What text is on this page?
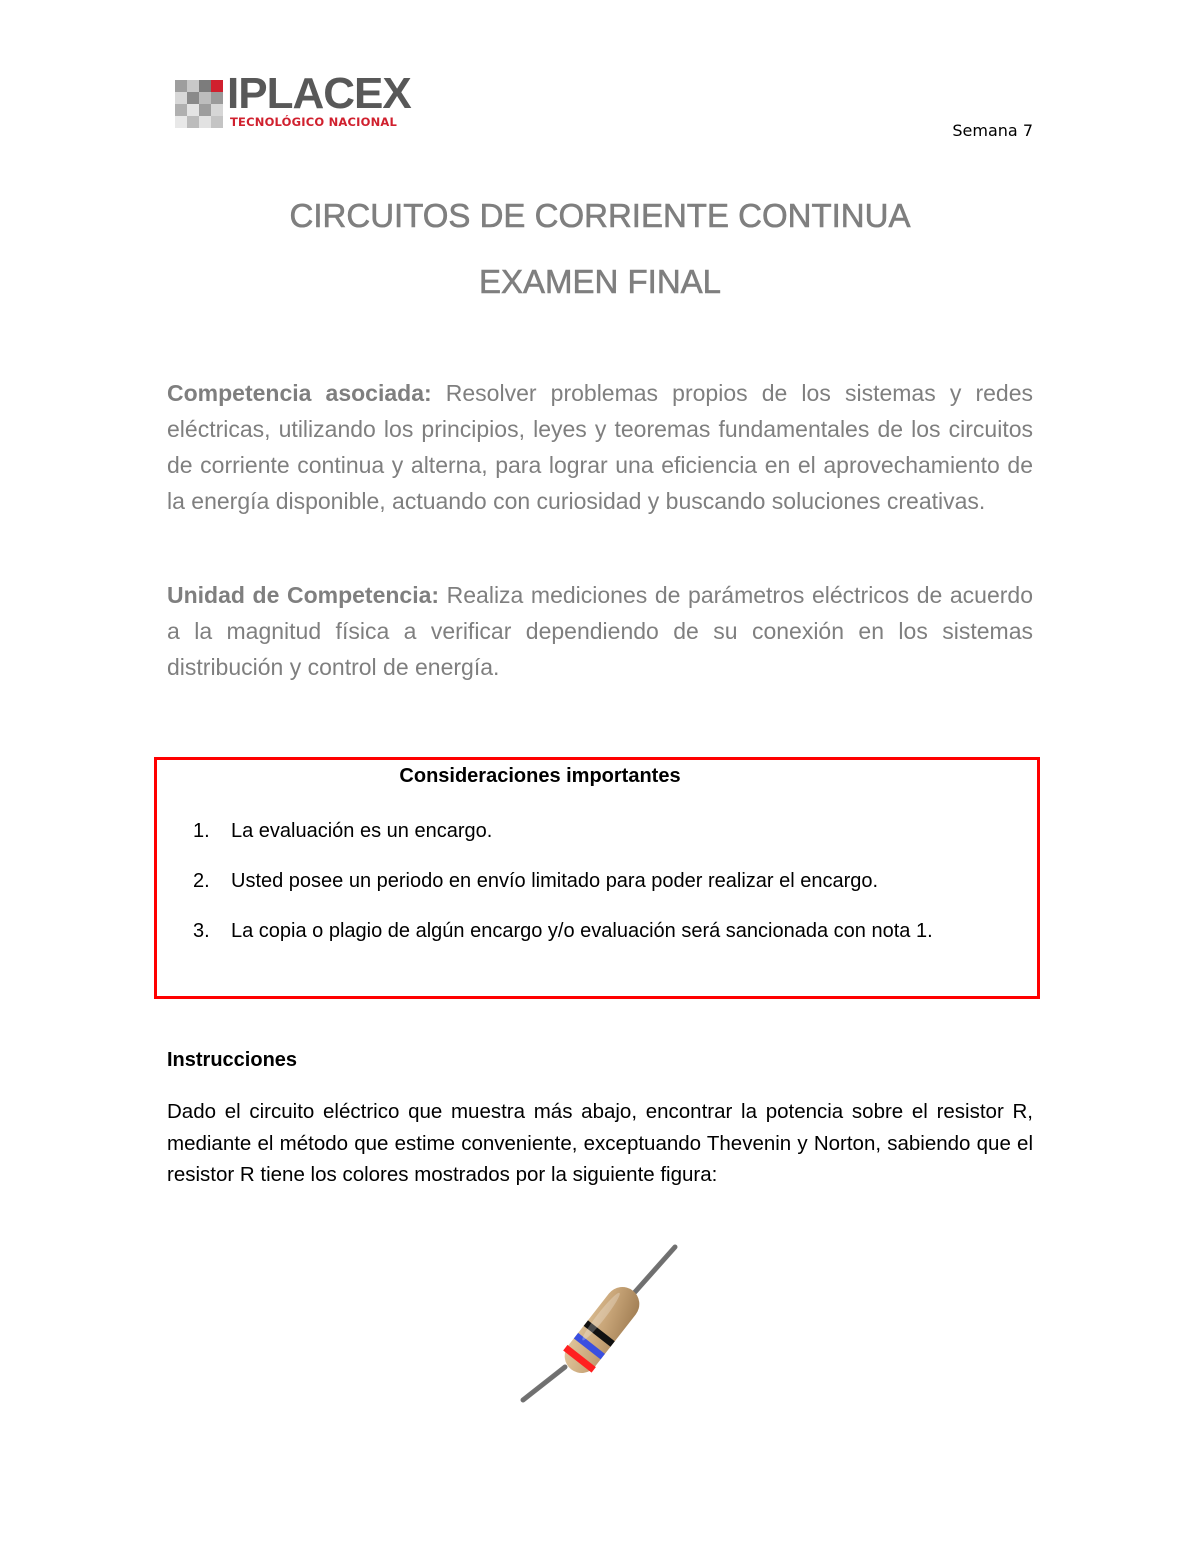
IPLACEX
TECNOLÓGICO NACIONAL	Semana 7
CIRCUITOS DE CORRIENTE CONTINUA
EXAMEN FINAL

Competencia asociada: Resolver problemas propios de los sistemas y redes eléctricas, utilizando los principios, leyes y teoremas fundamentales de los circuitos de corriente continua y alterna, para lograr una eficiencia en el aprovechamiento de la energía disponible, actuando con curiosidad y buscando soluciones creativas.

Unidad de Competencia: Realiza mediciones de parámetros eléctricos de acuerdo a la magnitud física a verificar dependiendo de su conexión en los sistemas distribución y control de energía.

Consideraciones importantes
1. La evaluación es un encargo.
2. Usted posee un periodo en envío limitado para poder realizar el encargo.
3. La copia o plagio de algún encargo y/o evaluación será sancionada con nota 1.
Instrucciones

Dado el circuito eléctrico que muestra más abajo, encontrar la potencia sobre el resistor R, mediante el método que estime conveniente, exceptuando Thevenin y Norton, sabiendo que el resistor R tiene los colores mostrados por la siguiente figura:
